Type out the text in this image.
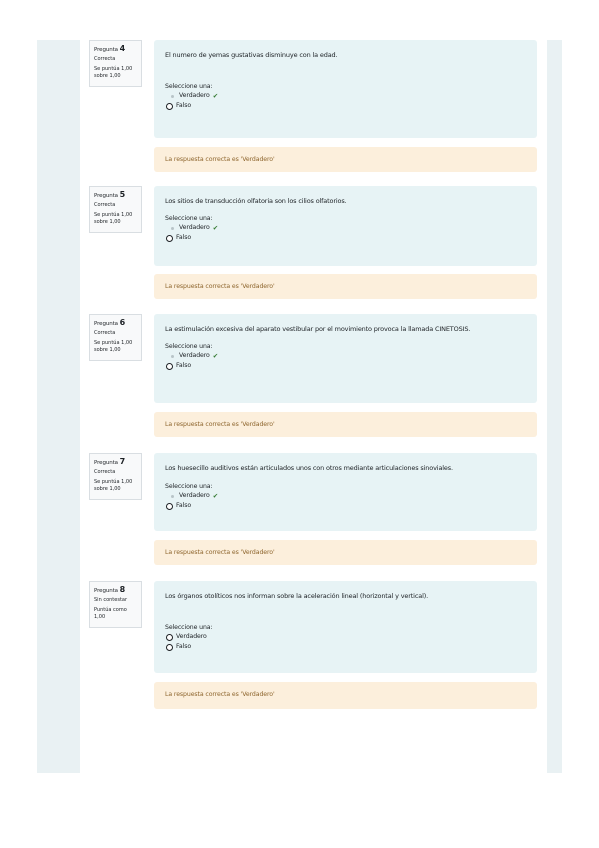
Pregunta 4
Correcta
Se puntúa 1,00 sobre 1,00
El numero de yemas gustativas disminuye con la edad.
Seleccione una:
Verdadero ✔
Falso
La respuesta correcta es 'Verdadero'
Pregunta 5
Correcta
Se puntúa 1,00 sobre 1,00
Los sitios de transducción olfatoria son los cilios olfatorios.
Seleccione una:
Verdadero ✔
Falso
La respuesta correcta es 'Verdadero'
Pregunta 6
Correcta
Se puntúa 1,00 sobre 1,00
La estimulación excesiva del aparato vestibular por el movimiento provoca la llamada CINETOSIS.
Seleccione una:
Verdadero ✔
Falso
La respuesta correcta es 'Verdadero'
Pregunta 7
Correcta
Se puntúa 1,00 sobre 1,00
Los huesecillo auditivos están articulados unos con otros mediante articulaciones sinoviales.
Seleccione una:
Verdadero ✔
Falso
La respuesta correcta es 'Verdadero'
Pregunta 8
Sin contestar
Puntúa como 1,00
Los órganos otolíticos nos informan sobre la aceleración lineal (horizontal y vertical).
Seleccione una:
Verdadero
Falso
La respuesta correcta es 'Verdadero'
